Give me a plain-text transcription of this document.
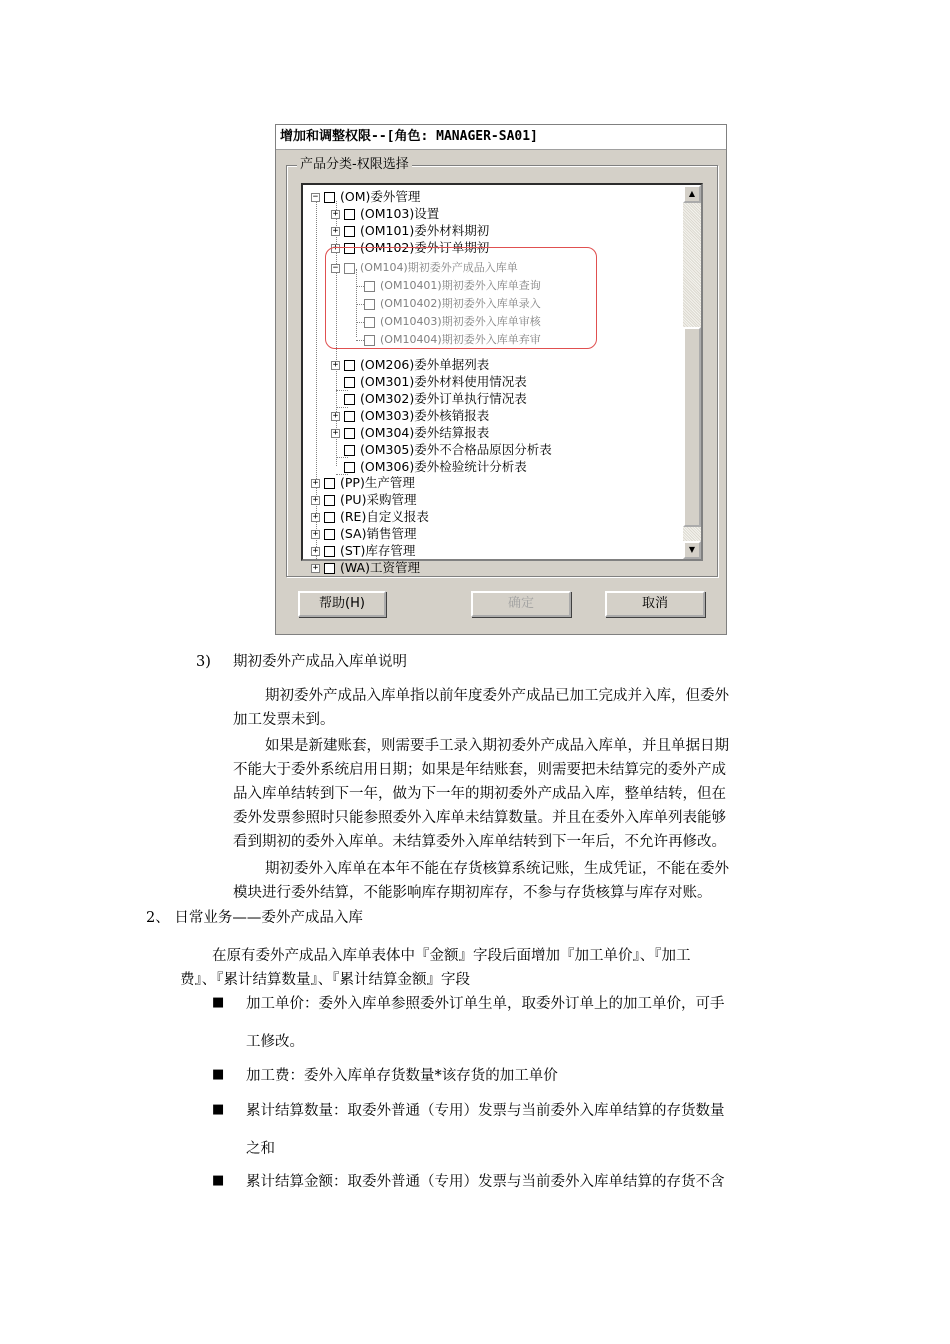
增加和调整权限--[角色: MANAGER-SA01]
产品分类-权限选择
− (OM)委外管理
+ (OM103)设置
+ (OM101)委外材料期初
+ (OM102)委外订单期初
− (OM104)期初委外产成品入库单
(OM10401)期初委外入库单查询
(OM10402)期初委外入库单录入
(OM10403)期初委外入库单审核
(OM10404)期初委外入库单弃审
+ (OM206)委外单据列表
(OM301)委外材料使用情况表
(OM302)委外订单执行情况表
+ (OM303)委外核销报表
+ (OM304)委外结算报表
(OM305)委外不合格品原因分析表
(OM306)委外检验统计分析表
+ (PP)生产管理
+ (PU)采购管理
+ (RE)自定义报表
+ (SA)销售管理
+ (ST)库存管理
+ (WA)工资管理
▲
▼
帮助(H)	确定	取消
3) 期初委外产成品入库单说明
期初委外产成品入库单指以前年度委外产成品已加工完成并入库，但委外
加工发票未到。
如果是新建账套，则需要手工录入期初委外产成品入库单，并且单据日期
不能大于委外系统启用日期；如果是年结账套，则需要把未结算完的委外产成
品入库单结转到下一年，做为下一年的期初委外产成品入库，整单结转，但在
委外发票参照时只能参照委外入库单未结算数量。并且在委外入库单列表能够
看到期初的委外入库单。未结算委外入库单结转到下一年后，不允许再修改。
期初委外入库单在本年不能在存货核算系统记账，生成凭证，不能在委外
模块进行委外结算，不能影响库存期初库存，不参与存货核算与库存对账。
2、 日常业务——委外产成品入库
在原有委外产成品入库单表体中『金额』字段后面增加『加工单价』、『加工
费』、『累计结算数量』、『累计结算金额』字段
■ 加工单价：委外入库单参照委外订单生单，取委外订单上的加工单价，可手
工修改。
■ 加工费：委外入库单存货数量*该存货的加工单价
■ 累计结算数量：取委外普通（专用）发票与当前委外入库单结算的存货数量
之和
■ 累计结算金额：取委外普通（专用）发票与当前委外入库单结算的存货不含
